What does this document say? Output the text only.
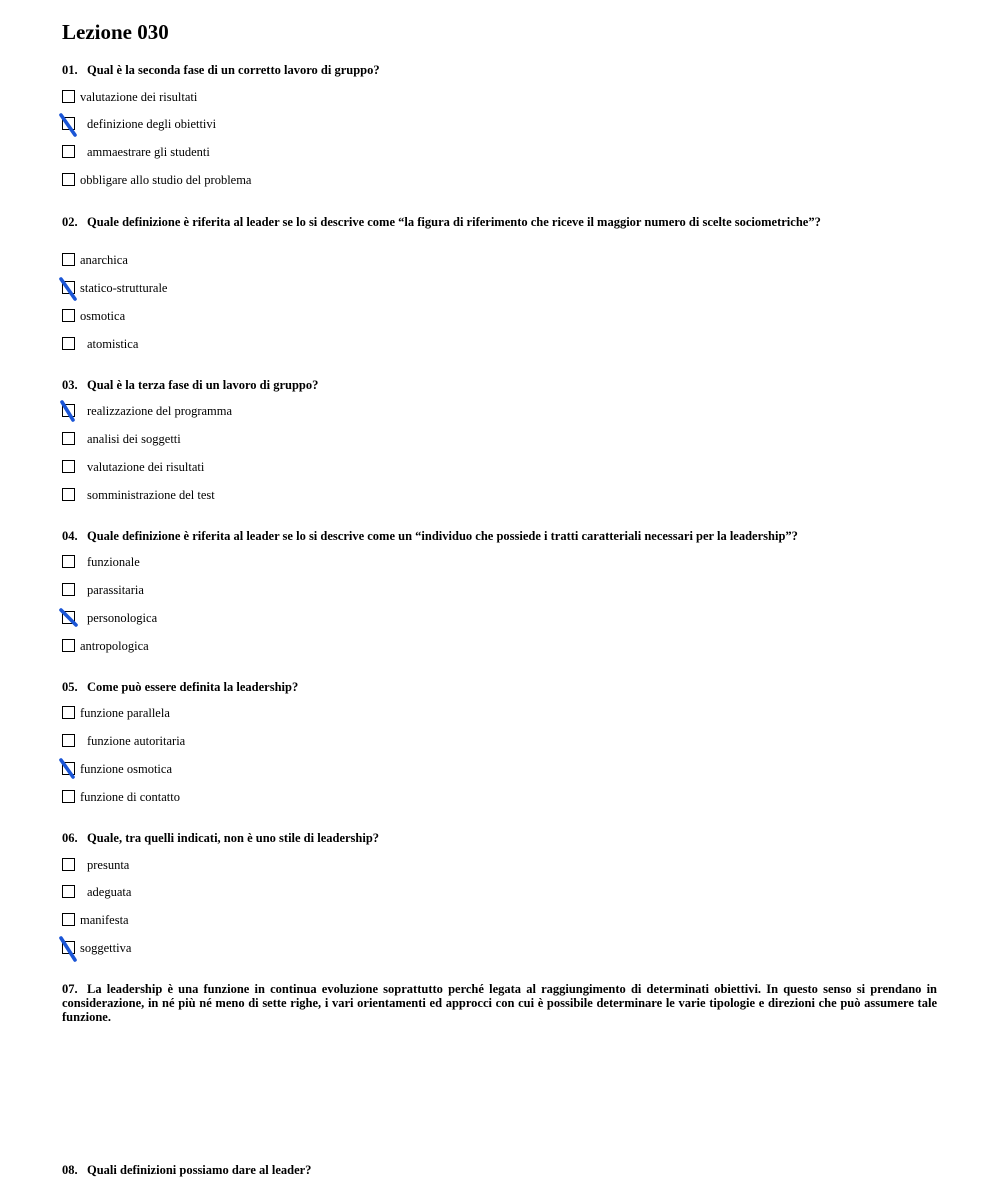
Lezione 030
01. Qual è la seconda fase di un corretto lavoro di gruppo?
valutazione dei risultati
definizione degli obiettivi
ammaestrare gli studenti
obbligare allo studio del problema
02. Quale definizione è riferita al leader se lo si descrive come “la figura di riferimento che riceve il maggior numero di scelte sociometriche”?
anarchica
statico-strutturale
osmotica
atomistica
03. Qual è la terza fase di un lavoro di gruppo?
realizzazione del programma
analisi dei soggetti
valutazione dei risultati
somministrazione del test
04. Quale definizione è riferita al leader se lo si descrive come un “individuo che possiede i tratti caratteriali necessari per la leadership”?
funzionale
parassitaria
personologica
antropologica
05. Come può essere definita la leadership?
funzione parallela
funzione autoritaria
funzione osmotica
funzione di contatto
06. Quale, tra quelli indicati, non è uno stile di leadership?
presunta
adeguata
manifesta
soggettiva
07. La leadership è una funzione in continua evoluzione soprattutto perché legata al raggiungimento di determinati obiettivi. In questo senso si prendano in considerazione, in né più né meno di sette righe, i vari orientamenti ed approcci con cui è possibile determinare le varie tipologie e direzioni che può assumere tale funzione.
08. Quali definizioni possiamo dare al leader?
